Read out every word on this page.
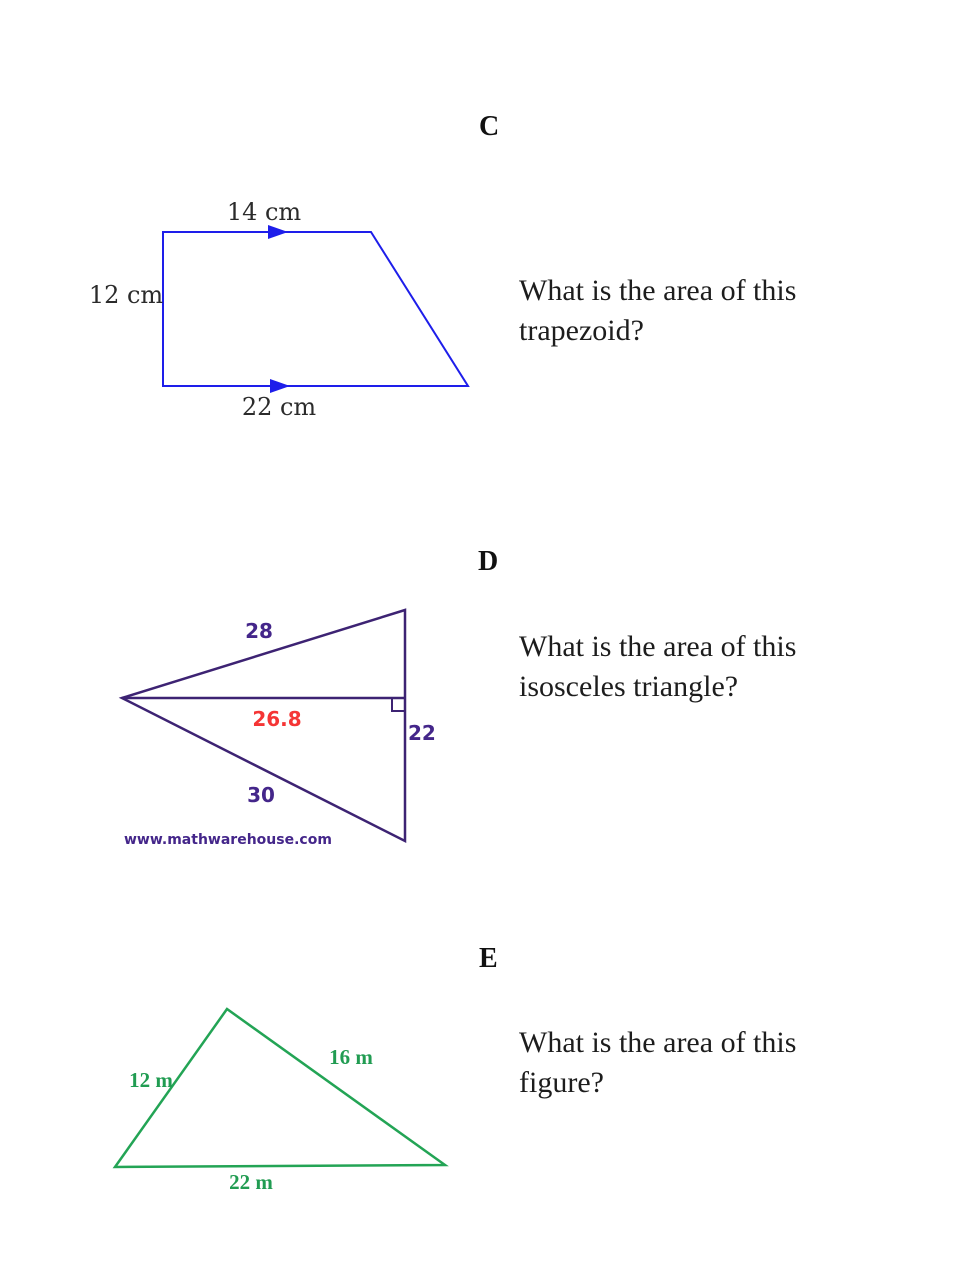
C
14 cm
12 cm
22 cm
What is the area of this
trapezoid?
D
28
26.8
30
22
www.mathwarehouse.com
What is the area of this
isosceles triangle?
E
12 m
16 m
22 m
What is the area of this
figure?
